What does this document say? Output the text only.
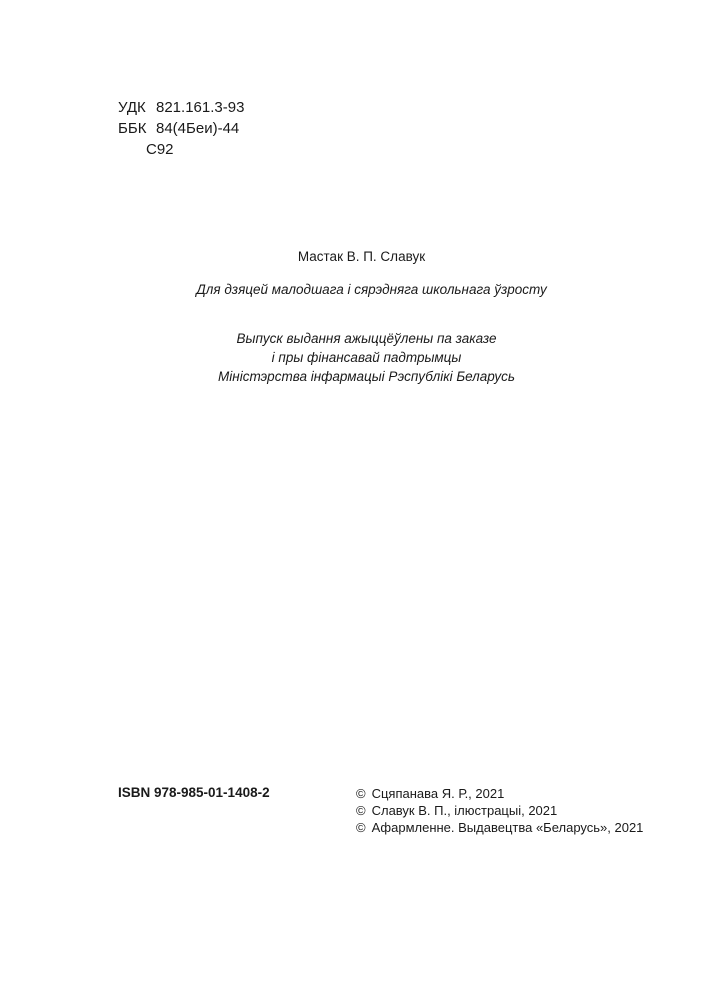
УДК 821.161.3-93
ББК 84(4Беи)-44
С92
Мастак В. П. Славук
Для дзяцей малодшага і сярэдняга школьнага ўзросту
Выпуск выдання ажыццёўлены па заказе
і пры фінансавай падтрымцы
Міністэрства інфармацыі Рэспублікі Беларусь
ISBN 978-985-01-1408-2	© Сцяпанава Я. Р., 2021
© Славук В. П., ілюстрацыі, 2021
© Афармленне. Выдавецтва «Беларусь», 2021
